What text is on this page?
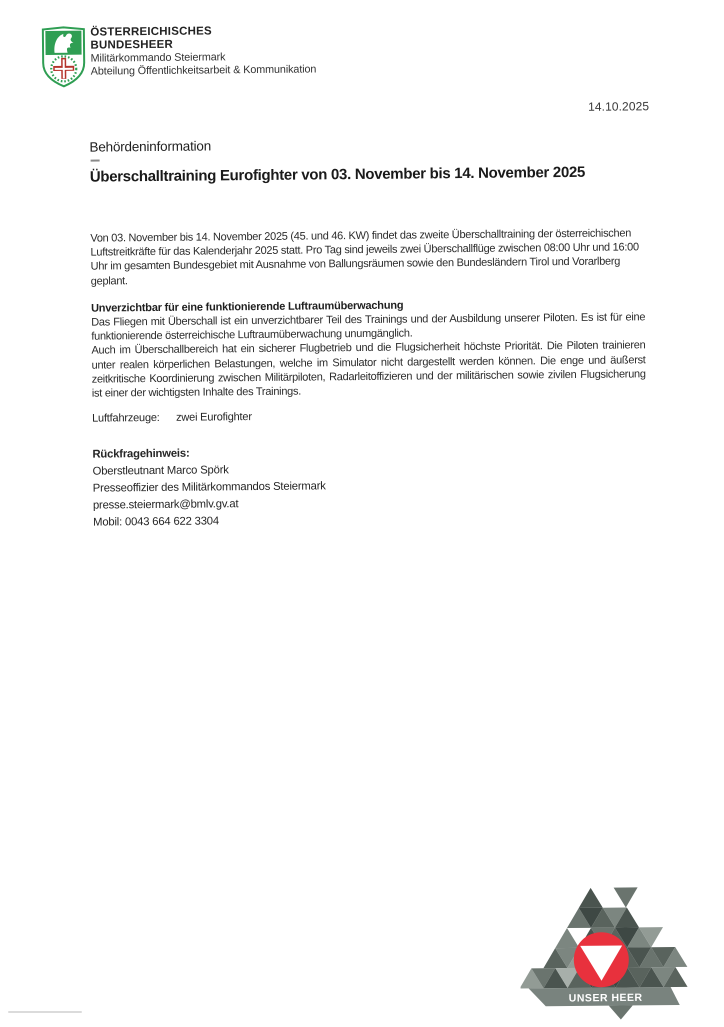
ÖSTERREICHISCHES
BUNDESHEER
Militärkommando Steiermark
Abteilung Öffentlichkeitsarbeit & Kommunikation
14.10.2025
Behördeninformation
Überschalltraining Eurofighter von 03. November bis 14. November 2025
Von 03. November bis 14. November 2025 (45. und 46. KW) findet das zweite Überschalltraining der österreichischen Luftstreitkräfte für das Kalenderjahr 2025 statt. Pro Tag sind jeweils zwei Überschallflüge zwischen 08:00 Uhr und 16:00 Uhr im gesamten Bundesgebiet mit Ausnahme von Ballungsräumen sowie den Bundesländern Tirol und Vorarlberg geplant.
Unverzichtbar für eine funktionierende Luftraumüberwachung
Das Fliegen mit Überschall ist ein unverzichtbarer Teil des Trainings und der Ausbildung unserer Piloten. Es ist für eine funktionierende österreichische Luftraumüberwachung unumgänglich.
Auch im Überschallbereich hat ein sicherer Flugbetrieb und die Flugsicherheit höchste Priorität. Die Piloten trainieren unter realen körperlichen Belastungen, welche im Simulator nicht dargestellt werden können. Die enge und äußerst zeitkritische Koordinierung zwischen Militärpiloten, Radarleitoffizieren und der militärischen sowie zivilen Flugsicherung ist einer der wichtigsten Inhalte des Trainings.
Luftfahrzeuge: zwei Eurofighter
Rückfragehinweis:
Oberstleutnant Marco Spörk
Presseoffizier des Militärkommandos Steiermark
presse.steiermark@bmlv.gv.at
Mobil: 0043 664 622 3304
UNSER HEER
